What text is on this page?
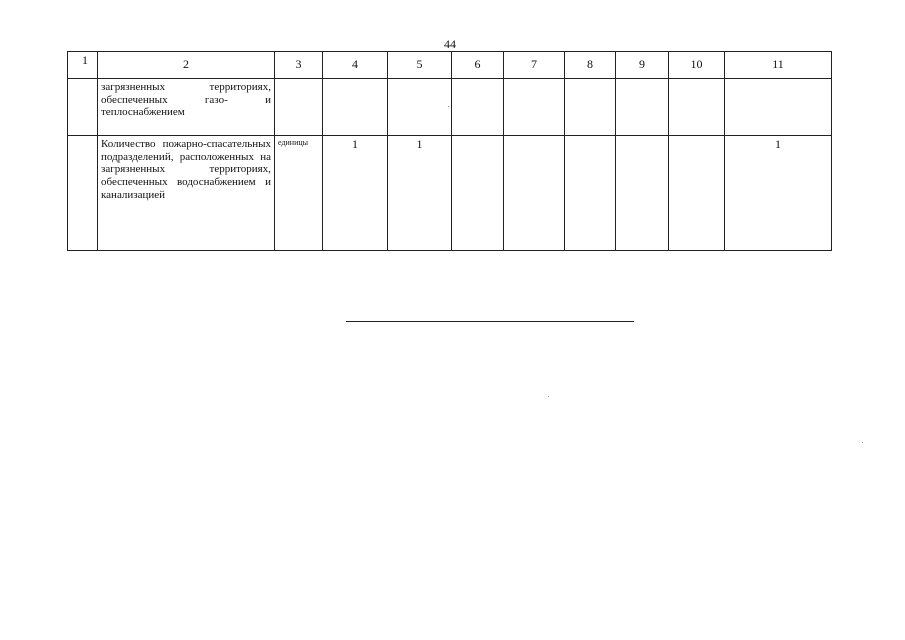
44
1	2	3	4	5	6	7	8	9	10	11
	загрязненных территориях, обеспеченных газо- и теплоснабжением									
	Количество пожарно-спасательных подразделений, расположенных на загрязненных территориях, обеспеченных водоснабжением и канализацией	единицы	1	1						1
